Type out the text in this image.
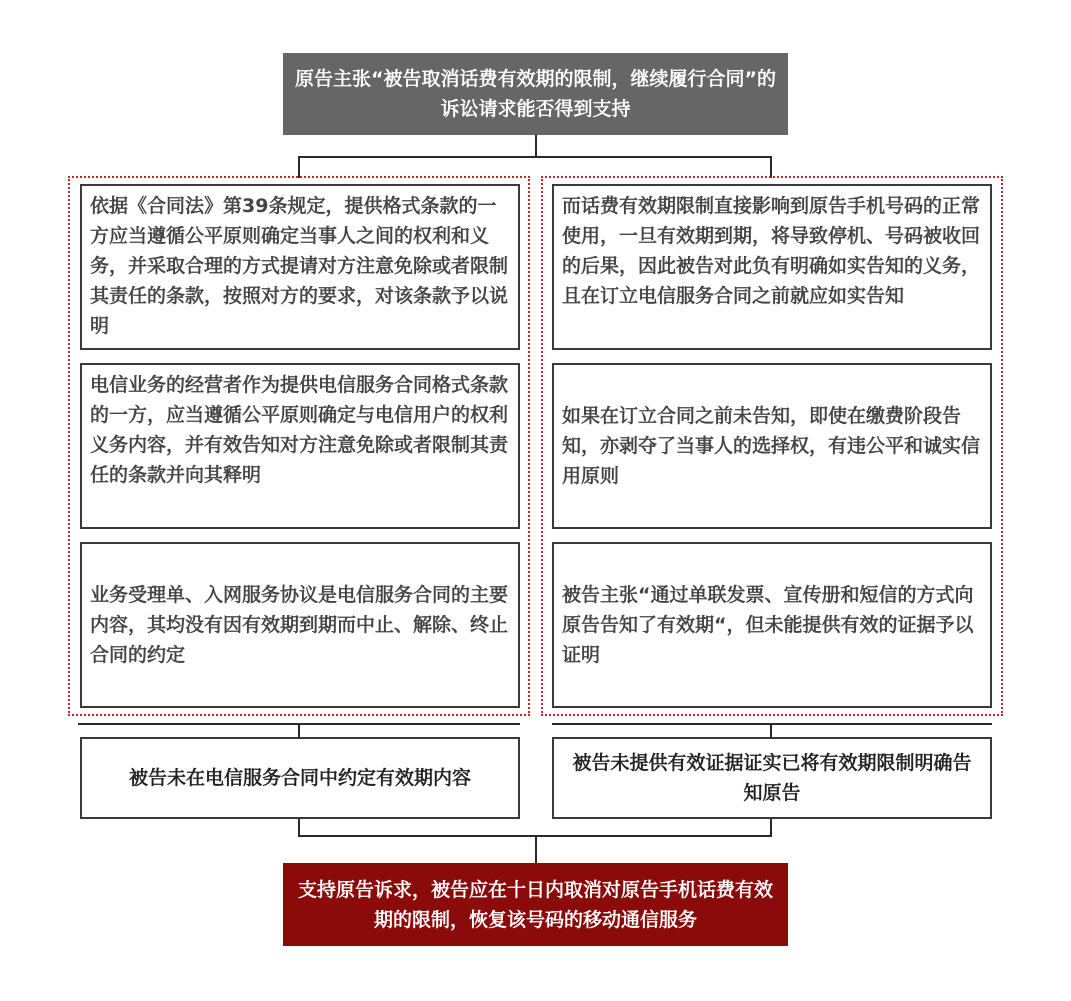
原告主张“被告取消话费有效期的限制，继续履行合同”的诉讼请求能否得到支持
依据《合同法》第39条规定，提供格式条款的一方应当遵循公平原则确定当事人之间的权利和义务，并采取合理的方式提请对方注意免除或者限制其责任的条款，按照对方的要求，对该条款予以说明
电信业务的经营者作为提供电信服务合同格式条款的一方，应当遵循公平原则确定与电信用户的权利义务内容，并有效告知对方注意免除或者限制其责任的条款并向其释明
业务受理单、入网服务协议是电信服务合同的主要内容，其均没有因有效期到期而中止、解除、终止合同的约定
而话费有效期限制直接影响到原告手机号码的正常使用，一旦有效期到期，将导致停机、号码被收回的后果，因此被告对此负有明确如实告知的义务，且在订立电信服务合同之前就应如实告知
如果在订立合同之前未告知，即使在缴费阶段告知，亦剥夺了当事人的选择权，有违公平和诚实信用原则
被告主张“通过单联发票、宣传册和短信的方式向原告告知了有效期“，但未能提供有效的证据予以证明
被告未在电信服务合同中约定有效期内容
被告未提供有效证据证实已将有效期限制明确告知原告
支持原告诉求，被告应在十日内取消对原告手机话费有效期的限制，恢复该号码的移动通信服务
